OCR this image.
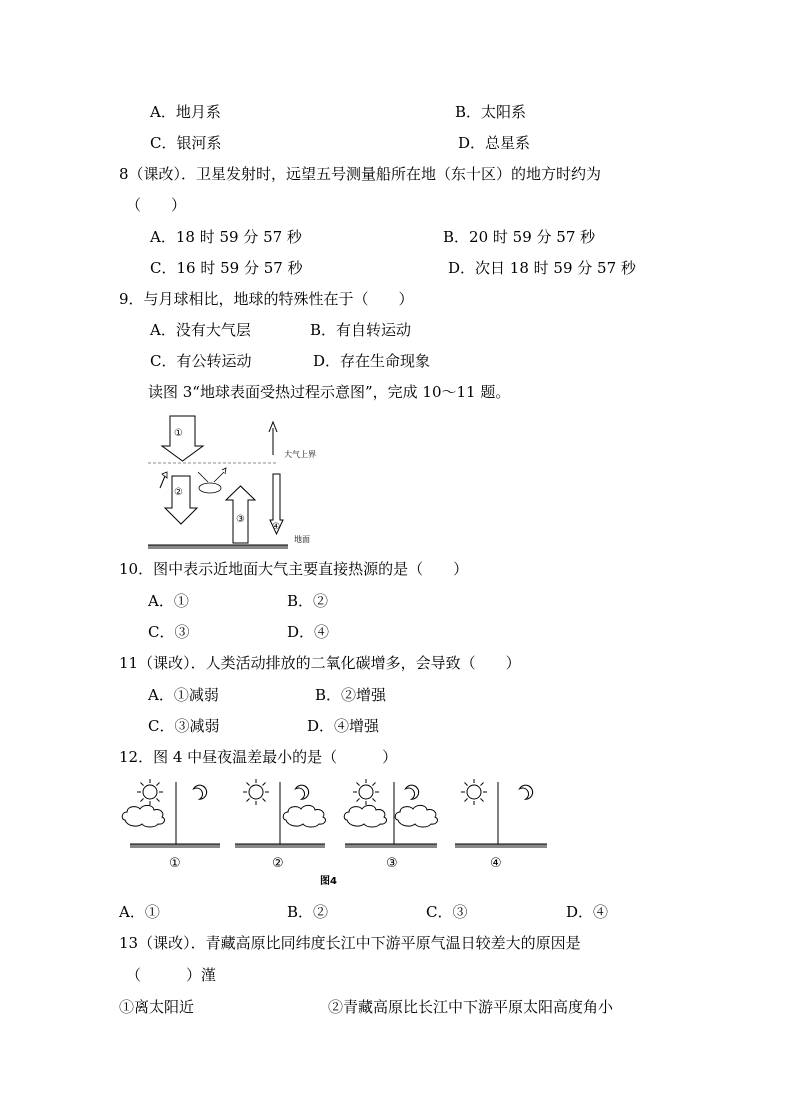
A．地月系	B．太阳系
C．银河系	D．总星系
8（课改）．卫星发射时，远望五号测量船所在地（东十区）的地方时约为
（　　）
A．18 时 59 分 57 秒	B．20 时 59 分 57 秒
C．16 时 59 分 57 秒	D．次日 18 时 59 分 57 秒
9．与月球相比，地球的特殊性在于（　　）
A．没有大气层	B．有自转运动
C．有公转运动	D．存在生命现象
读图 3“地球表面受热过程示意图”，完成 10～11 题。
①
大气上界
②
③
④
地面
10．图中表示近地面大气主要直接热源的是（　　）
A．①	B．②
C．③	D．④
11（课改）．人类活动排放的二氧化碳增多，会导致（　　）
A．①减弱	B．②增强
C．③减弱	D．④增强
12．图 4 中昼夜温差最小的是（　　　）
①	②	③	④
图4
A．①	B．②	C．③	D．④
13（课改）．青藏高原比同纬度长江中下游平原气温日较差大的原因是
（　　　）漌
①离太阳近	②青藏高原比长江中下游平原太阳高度角小
